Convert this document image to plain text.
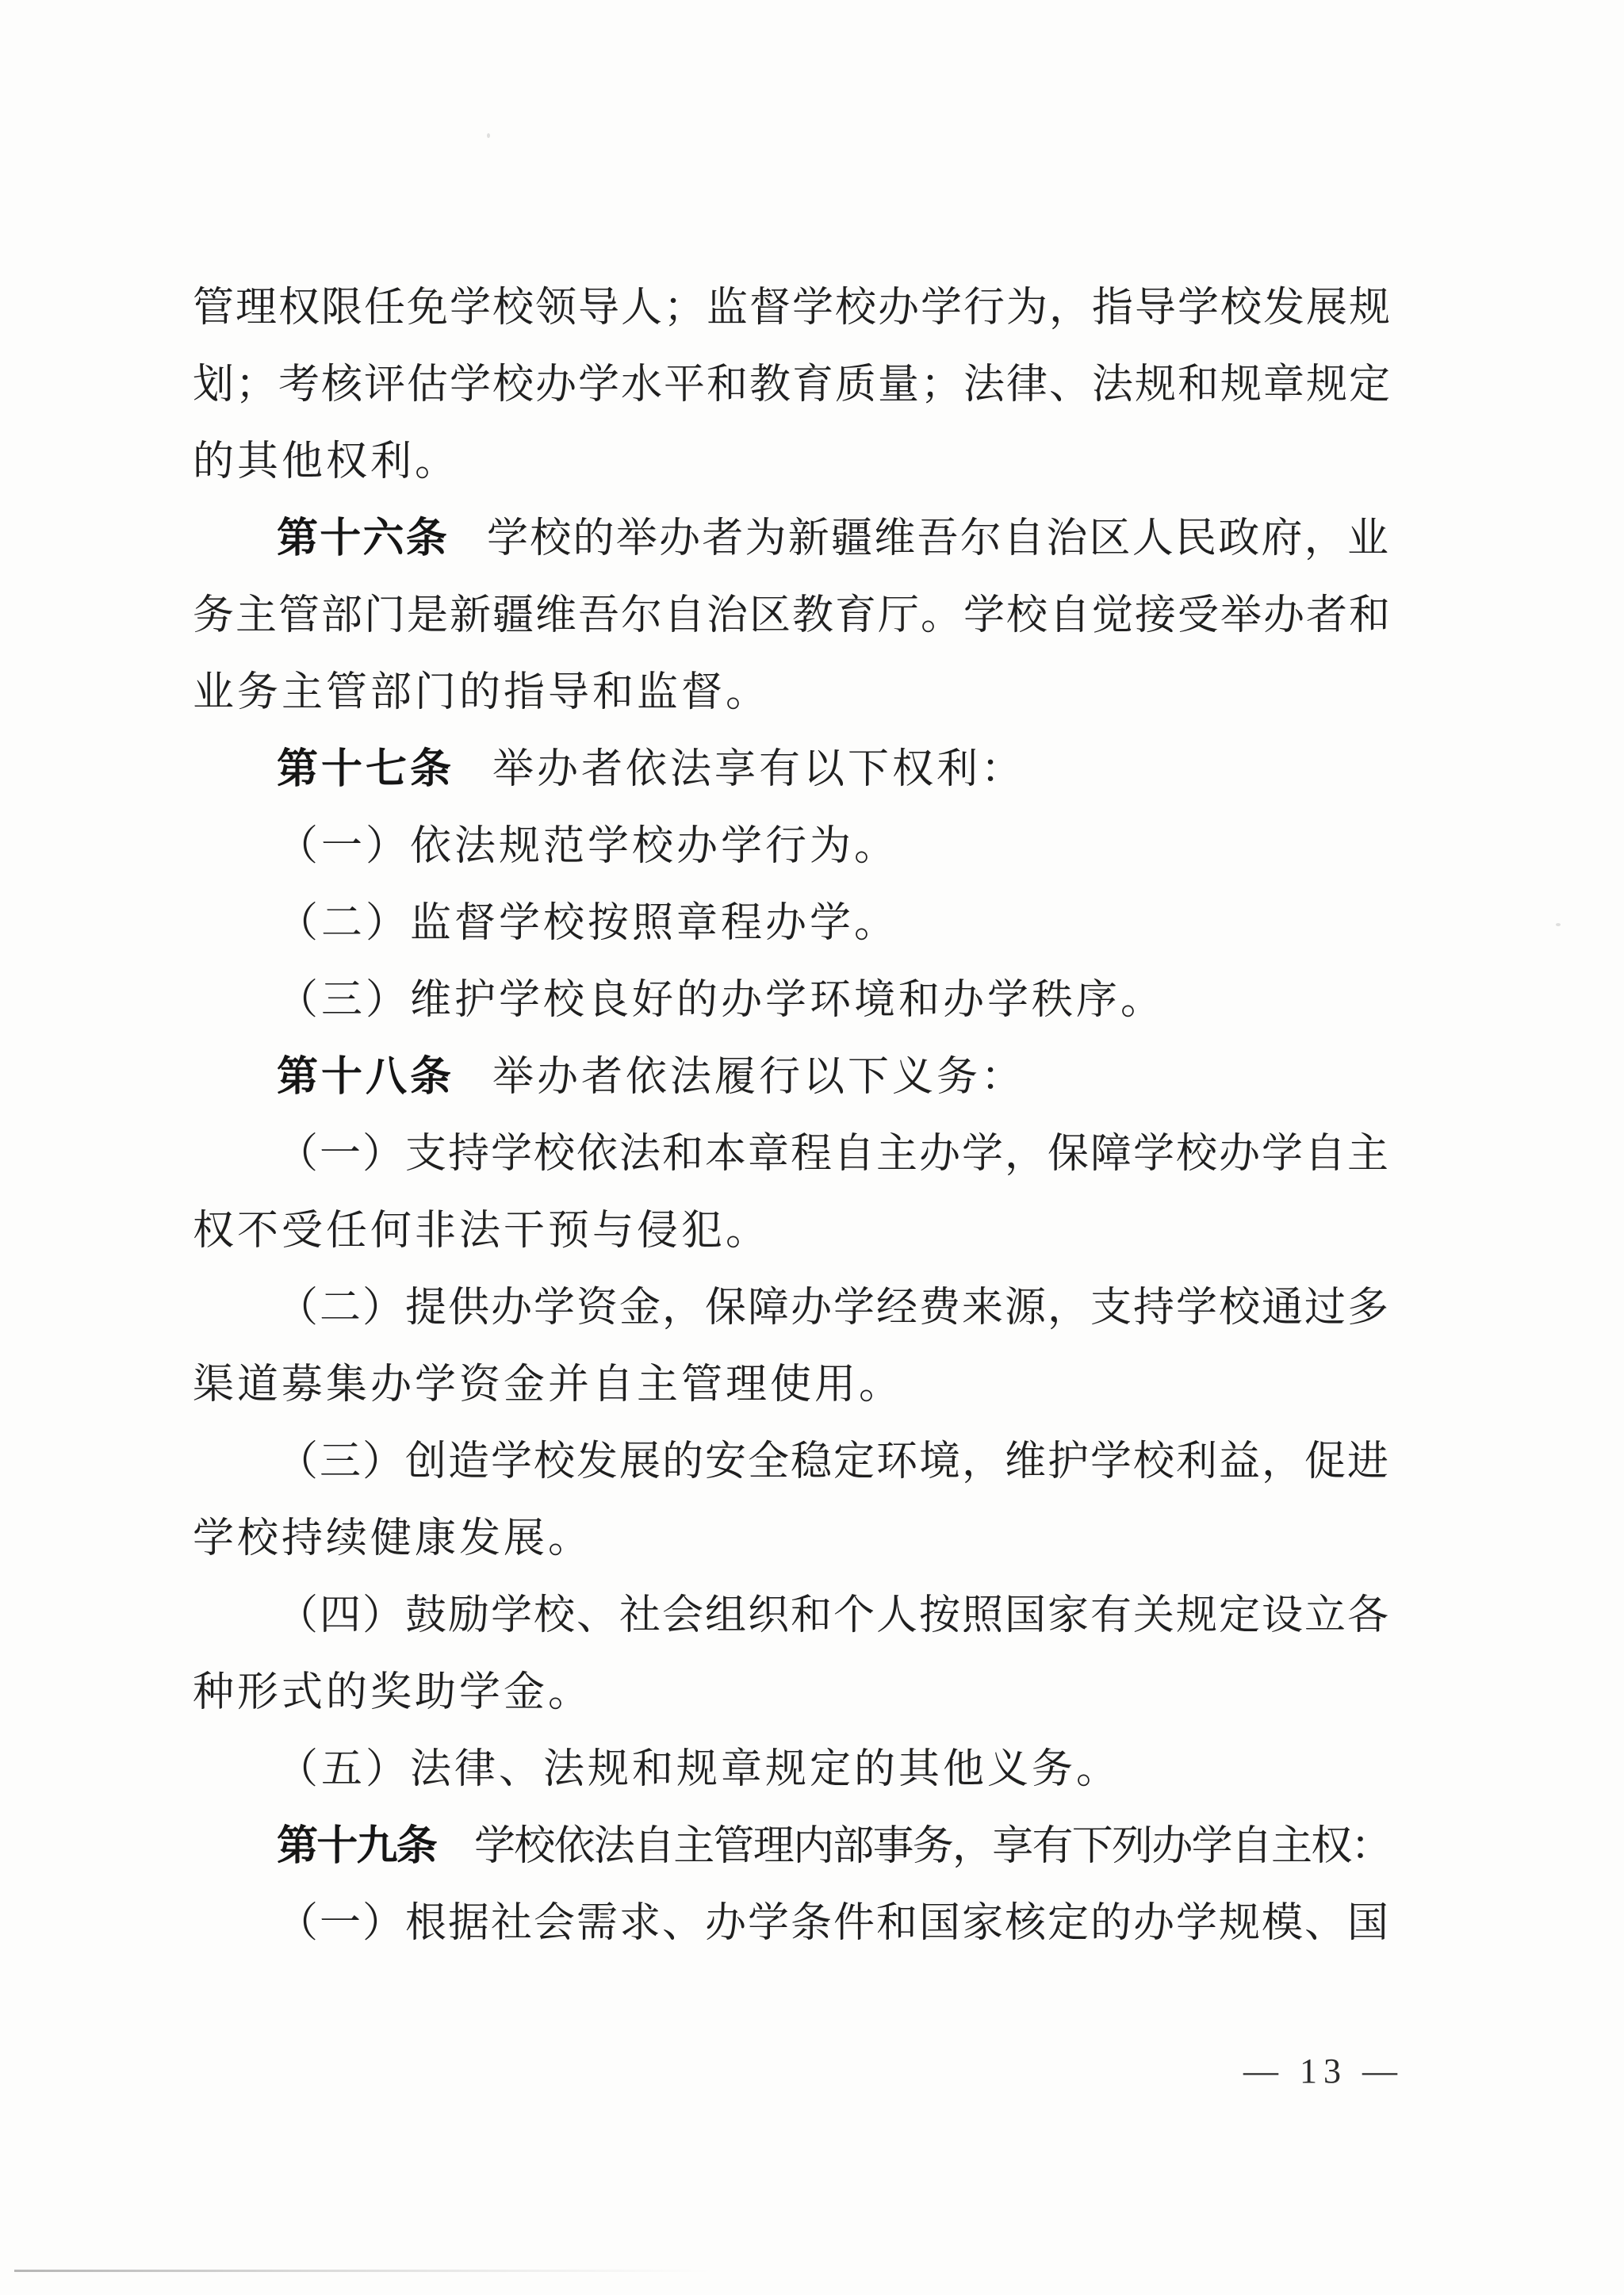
管理权限任免学校领导人；监督学校办学行为，指导学校发展规
划；考核评估学校办学水平和教育质量；法律、法规和规章规定
的其他权利。
第十六条 学校的举办者为新疆维吾尔自治区人民政府，业
务主管部门是新疆维吾尔自治区教育厅。学校自觉接受举办者和
业务主管部门的指导和监督。
第十七条 举办者依法享有以下权利：
（一）依法规范学校办学行为。
（二）监督学校按照章程办学。
（三）维护学校良好的办学环境和办学秩序。
第十八条 举办者依法履行以下义务：
（一）支持学校依法和本章程自主办学，保障学校办学自主
权不受任何非法干预与侵犯。
（二）提供办学资金，保障办学经费来源，支持学校通过多
渠道募集办学资金并自主管理使用。
（三）创造学校发展的安全稳定环境，维护学校利益，促进
学校持续健康发展。
（四）鼓励学校、社会组织和个人按照国家有关规定设立各
种形式的奖助学金。
（五）法律、法规和规章规定的其他义务。
第十九条 学校依法自主管理内部事务，享有下列办学自主权：
（一）根据社会需求、办学条件和国家核定的办学规模、国
— 13 —
